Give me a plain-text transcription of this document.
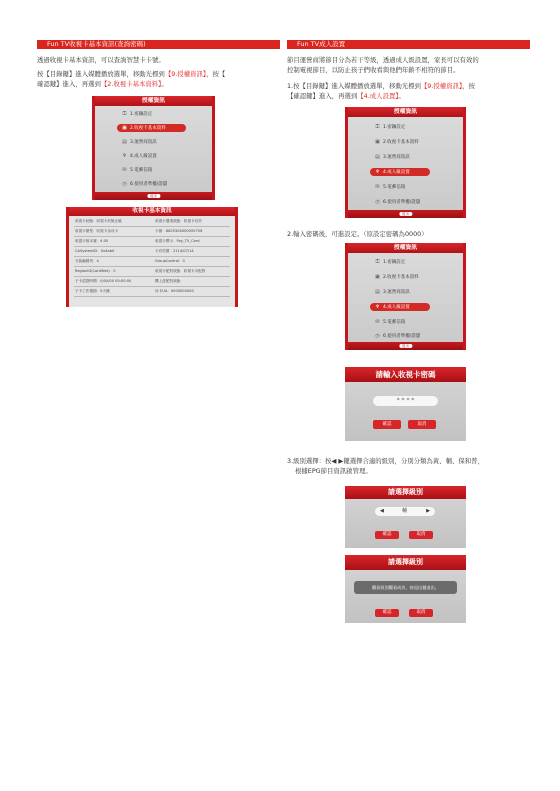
Fun TV收視卡基本資訊(查詢密碼)
透過收視卡基本資訊，可以查詢智慧卡卡號。
按【目錄鍵】進入媒體播放選單，移動光標到【9.授權資訊】，按【
確認鍵】進入，再選到【2.收視卡基本資料】。
授權資訊
⚿ 1.密鑰設定
▣ 2.收視卡基本資料
▤ 3.運營商資訊
♆ 4.成人級設置
✉ 5.電郵信箱
◷ 6.使用者準權/證儲
退出
收視卡基本資訊
收視卡狀態：收視卡於無正確	收視卡選項狀態：收視卡有效
收視卡類型：收視卡為母卡	卡號：8625304000095756
收視卡版本號：4.05	收視卡標示：Pay_TV_Card
CASystemID：0x4ab0	卡有效期：2114/07/14
分區編碼列：4	GroupControl：0
RegionID(CardiNet)：0	收視卡配對狀態：收視卡未配對
子卡認證時間：0/00/00 00:00:00	機上盒配對狀態：
子卡工作週期：0天鐘	母卡UA：0000000000
Fun TV成人設置
節目運營商將節目分為若干等級，透過成人級設置，家長可以有效的
控制電視節目，以防止孩子們收看與他們年齡不相符的節目。
1.按【目錄鍵】進入媒體播放選單，移動光標到【9.授權資訊】，按
【確認鍵】進入，再選到【4.成人設置】。
授權資訊
⚿ 1.密鑰設定
▣ 2.收視卡基本資料
▤ 3.運營商資訊
♆ 4.成人級設置
✉ 5.電郵信箱
◷ 6.使用者準權/證儲
退出
2.輸入密碼後，可進設定。（原設定密碼為0000）
授權資訊
⚿ 1.密鑰設定
▣ 2.收視卡基本資料
▤ 3.運營商資訊
♆ 4.成人級設置
✉ 5.電郵信箱
◷ 6.使用者準權/證儲
退出
請輸入收視卡密碼
* * * *
確認	取消
3.級別選擇：按◀ ▶鍵選擇合適的級別，分別分類為黃、輔、保和普，
根據EPG節目資訊啟管理。
請選擇級別
◀	輔	▶
確認	取消
請選擇級別
觀看級別觀看成功，按退出鍵退出。
確認	取消
